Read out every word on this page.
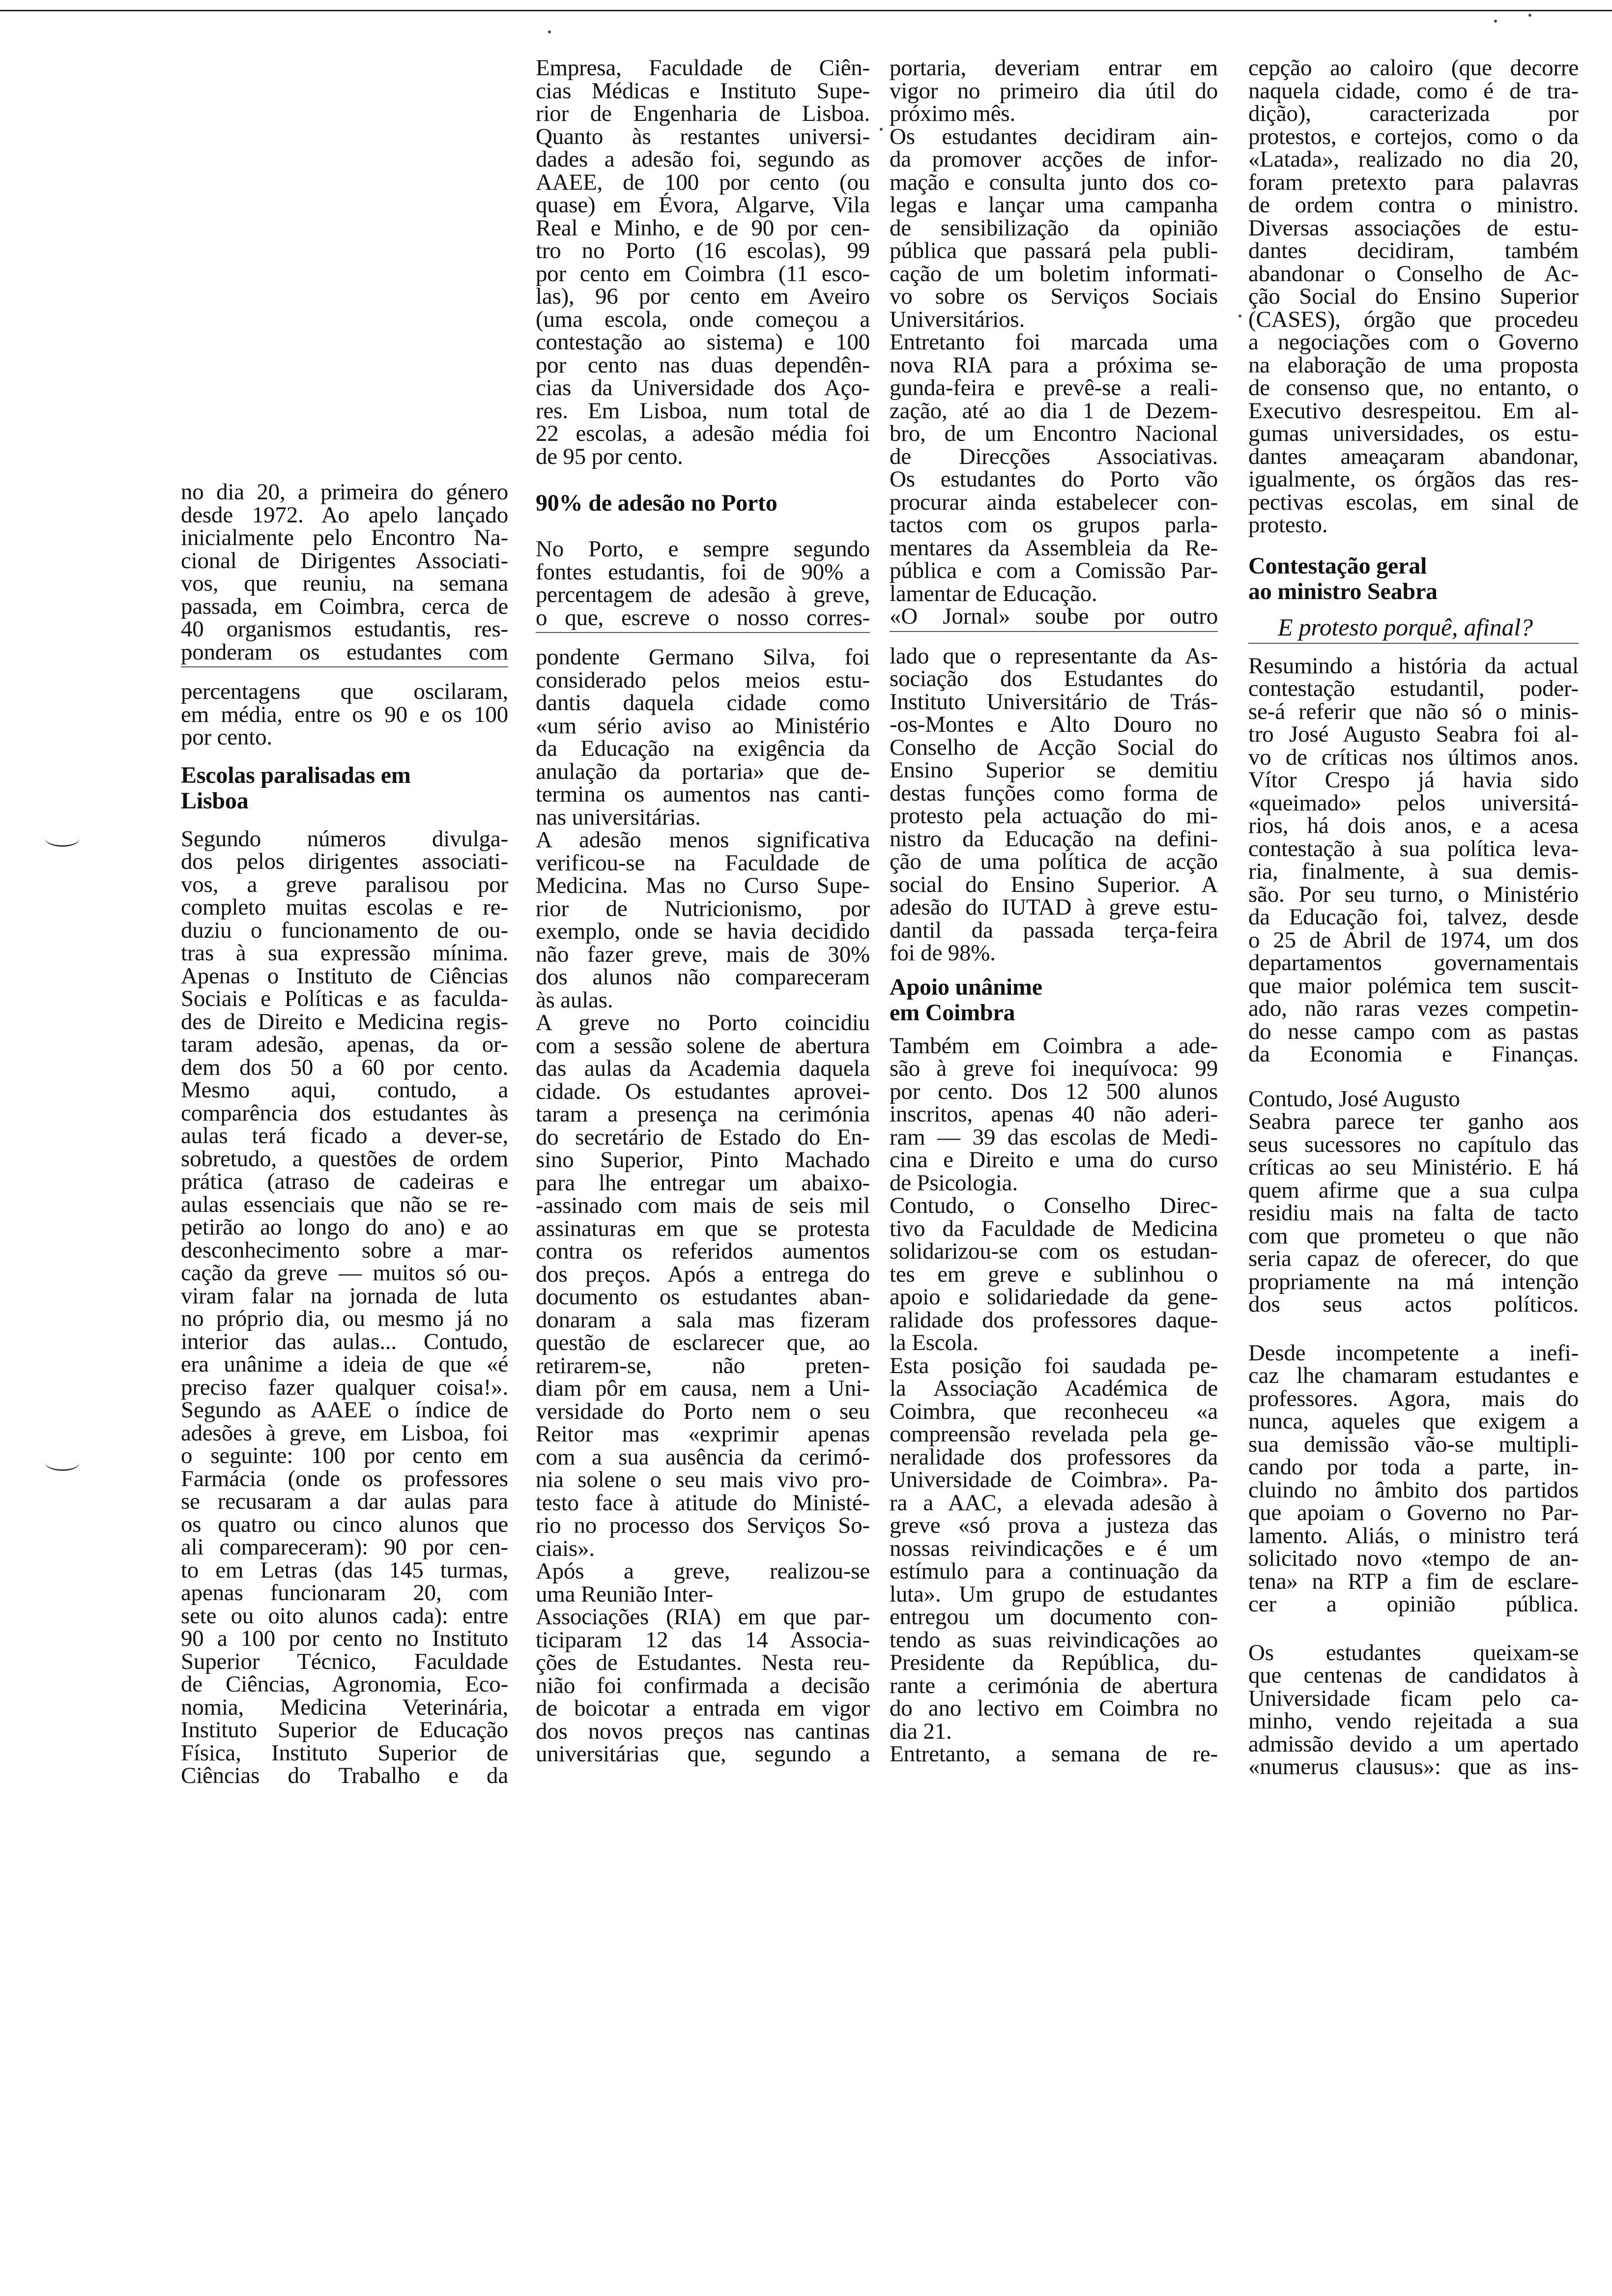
no dia 20, a primeira do género

desde 1972. Ao apelo lançado

inicialmente pelo Encontro Na-

cional de Dirigentes Associati-

vos, que reuniu, na semana

passada, em Coimbra, cerca de

40 organismos estudantis, res-

ponderam os estudantes com

percentagens que oscilaram,

em média, entre os 90 e os 100

por cento.

Escolas paralisadas em
Lisboa

Segundo números divulga-

dos pelos dirigentes associati-

vos, a greve paralisou por

completo muitas escolas e re-

duziu o funcionamento de ou-

tras à sua expressão mínima.

Apenas o Instituto de Ciências

Sociais e Políticas e as faculda-

des de Direito e Medicina regis-

taram adesão, apenas, da or-

dem dos 50 a 60 por cento.

Mesmo aqui, contudo, a

comparência dos estudantes às

aulas terá ficado a dever-se,

sobretudo, a questões de ordem

prática (atraso de cadeiras e

aulas essenciais que não se re-

petirão ao longo do ano) e ao

desconhecimento sobre a mar-

cação da greve — muitos só ou-

viram falar na jornada de luta

no próprio dia, ou mesmo já no

interior das aulas... Contudo,

era unânime a ideia de que «é

preciso fazer qualquer coisa!».

Segundo as AAEE o índice de

adesões à greve, em Lisboa, foi

o seguinte: 100 por cento em

Farmácia (onde os professores

se recusaram a dar aulas para

os quatro ou cinco alunos que

ali compareceram): 90 por cen-

to em Letras (das 145 turmas,

apenas funcionaram 20, com

sete ou oito alunos cada): entre

90 a 100 por cento no Instituto

Superior Técnico, Faculdade

de Ciências, Agronomia, Eco-

nomia, Medicina Veterinária,

Instituto Superior de Educação

Física, Instituto Superior de

Ciências do Trabalho e da

Empresa, Faculdade de Ciên-

cias Médicas e Instituto Supe-

rior de Engenharia de Lisboa.

Quanto às restantes universi-

dades a adesão foi, segundo as

AAEE, de 100 por cento (ou

quase) em Évora, Algarve, Vila

Real e Minho, e de 90 por cen-

tro no Porto (16 escolas), 99

por cento em Coimbra (11 esco-

las), 96 por cento em Aveiro

(uma escola, onde começou a

contestação ao sistema) e 100

por cento nas duas dependên-

cias da Universidade dos Aço-

res. Em Lisboa, num total de

22 escolas, a adesão média foi

de 95 por cento.

90% de adesão no Porto

No Porto, e sempre segundo

fontes estudantis, foi de 90% a

percentagem de adesão à greve,

o que, escreve o nosso corres-

pondente Germano Silva, foi

considerado pelos meios estu-

dantis daquela cidade como

«um sério aviso ao Ministério

da Educação na exigência da

anulação da portaria» que de-

termina os aumentos nas canti-

nas universitárias.

A adesão menos significativa

verificou-se na Faculdade de

Medicina. Mas no Curso Supe-

rior de Nutricionismo, por

exemplo, onde se havia decidido

não fazer greve, mais de 30%

dos alunos não compareceram

às aulas.

A greve no Porto coincidiu

com a sessão solene de abertura

das aulas da Academia daquela

cidade. Os estudantes aprovei-

taram a presença na cerimónia

do secretário de Estado do En-

sino Superior, Pinto Machado

para lhe entregar um abaixo-

-assinado com mais de seis mil

assinaturas em que se protesta

contra os referidos aumentos

dos preços. Após a entrega do

documento os estudantes aban-

donaram a sala mas fizeram

questão de esclarecer que, ao

retirarem-se, não preten-

diam pôr em causa, nem a Uni-

versidade do Porto nem o seu

Reitor mas «exprimir apenas

com a sua ausência da cerimó-

nia solene o seu mais vivo pro-

testo face à atitude do Ministé-

rio no processo dos Serviços So-

ciais».

Após a greve, realizou-se

uma Reunião Inter-

Associações (RIA) em que par-

ticiparam 12 das 14 Associa-

ções de Estudantes. Nesta reu-

nião foi confirmada a decisão

de boicotar a entrada em vigor

dos novos preços nas cantinas

universitárias que, segundo a

portaria, deveriam entrar em

vigor no primeiro dia útil do

próximo mês.

Os estudantes decidiram ain-

da promover acções de infor-

mação e consulta junto dos co-

legas e lançar uma campanha

de sensibilização da opinião

pública que passará pela publi-

cação de um boletim informati-

vo sobre os Serviços Sociais

Universitários.

Entretanto foi marcada uma

nova RIA para a próxima se-

gunda-feira e prevê-se a reali-

zação, até ao dia 1 de Dezem-

bro, de um Encontro Nacional

de Direcções Associativas.

Os estudantes do Porto vão

procurar ainda estabelecer con-

tactos com os grupos parla-

mentares da Assembleia da Re-

pública e com a Comissão Par-

lamentar de Educação.

«O Jornal» soube por outro

lado que o representante da As-

sociação dos Estudantes do

Instituto Universitário de Trás-

-os-Montes e Alto Douro no

Conselho de Acção Social do

Ensino Superior se demitiu

destas funções como forma de

protesto pela actuação do mi-

nistro da Educação na defini-

ção de uma política de acção

social do Ensino Superior. A

adesão do IUTAD à greve estu-

dantil da passada terça-feira

foi de 98%.

Apoio unânime
em Coimbra

Também em Coimbra a ade-

são à greve foi inequívoca: 99

por cento. Dos 12 500 alunos

inscritos, apenas 40 não aderi-

ram — 39 das escolas de Medi-

cina e Direito e uma do curso

de Psicologia.

Contudo, o Conselho Direc-

tivo da Faculdade de Medicina

solidarizou-se com os estudan-

tes em greve e sublinhou o

apoio e solidariedade da gene-

ralidade dos professores daque-

la Escola.

Esta posição foi saudada pe-

la Associação Académica de

Coimbra, que reconheceu «a

compreensão revelada pela ge-

neralidade dos professores da

Universidade de Coimbra». Pa-

ra a AAC, a elevada adesão à

greve «só prova a justeza das

nossas reivindicações e é um

estímulo para a continuação da

luta». Um grupo de estudantes

entregou um documento con-

tendo as suas reivindicações ao

Presidente da República, du-

rante a cerimónia de abertura

do ano lectivo em Coimbra no

dia 21.

Entretanto, a semana de re-

cepção ao caloiro (que decorre

naquela cidade, como é de tra-

dição), caracterizada por

protestos, e cortejos, como o da

«Latada», realizado no dia 20,

foram pretexto para palavras

de ordem contra o ministro.

Diversas associações de estu-

dantes decidiram, também

abandonar o Conselho de Ac-

ção Social do Ensino Superior

(CASES), órgão que procedeu

a negociações com o Governo

na elaboração de uma proposta

de consenso que, no entanto, o

Executivo desrespeitou. Em al-

gumas universidades, os estu-

dantes ameaçaram abandonar,

igualmente, os órgãos das res-

pectivas escolas, em sinal de

protesto.

Contestação geral
ao ministro Seabra
E protesto porquê, afinal?

Resumindo a história da actual

contestação estudantil, poder-

se-á referir que não só o minis-

tro José Augusto Seabra foi al-

vo de críticas nos últimos anos.

Vítor Crespo já havia sido

«queimado» pelos universitá-

rios, há dois anos, e a acesa

contestação à sua política leva-

ria, finalmente, à sua demis-

são. Por seu turno, o Ministério

da Educação foi, talvez, desde

o 25 de Abril de 1974, um dos

departamentos governamentais

que maior polémica tem suscit-

ado, não raras vezes competin-

do nesse campo com as pastas

da Economia e Finanças.

Contudo, José Augusto

Seabra parece ter ganho aos

seus sucessores no capítulo das

críticas ao seu Ministério. E há

quem afirme que a sua culpa

residiu mais na falta de tacto

com que prometeu o que não

seria capaz de oferecer, do que

propriamente na má intenção

dos seus actos políticos.

Desde incompetente a inefi-

caz lhe chamaram estudantes e

professores. Agora, mais do

nunca, aqueles que exigem a

sua demissão vão-se multipli-

cando por toda a parte, in-

cluindo no âmbito dos partidos

que apoiam o Governo no Par-

lamento. Aliás, o ministro terá

solicitado novo «tempo de an-

tena» na RTP a fim de esclare-

cer a opinião pública.

Os estudantes queixam-se

que centenas de candidatos à

Universidade ficam pelo ca-

minho, vendo rejeitada a sua

admissão devido a um apertado

«numerus clausus»: que as ins-
